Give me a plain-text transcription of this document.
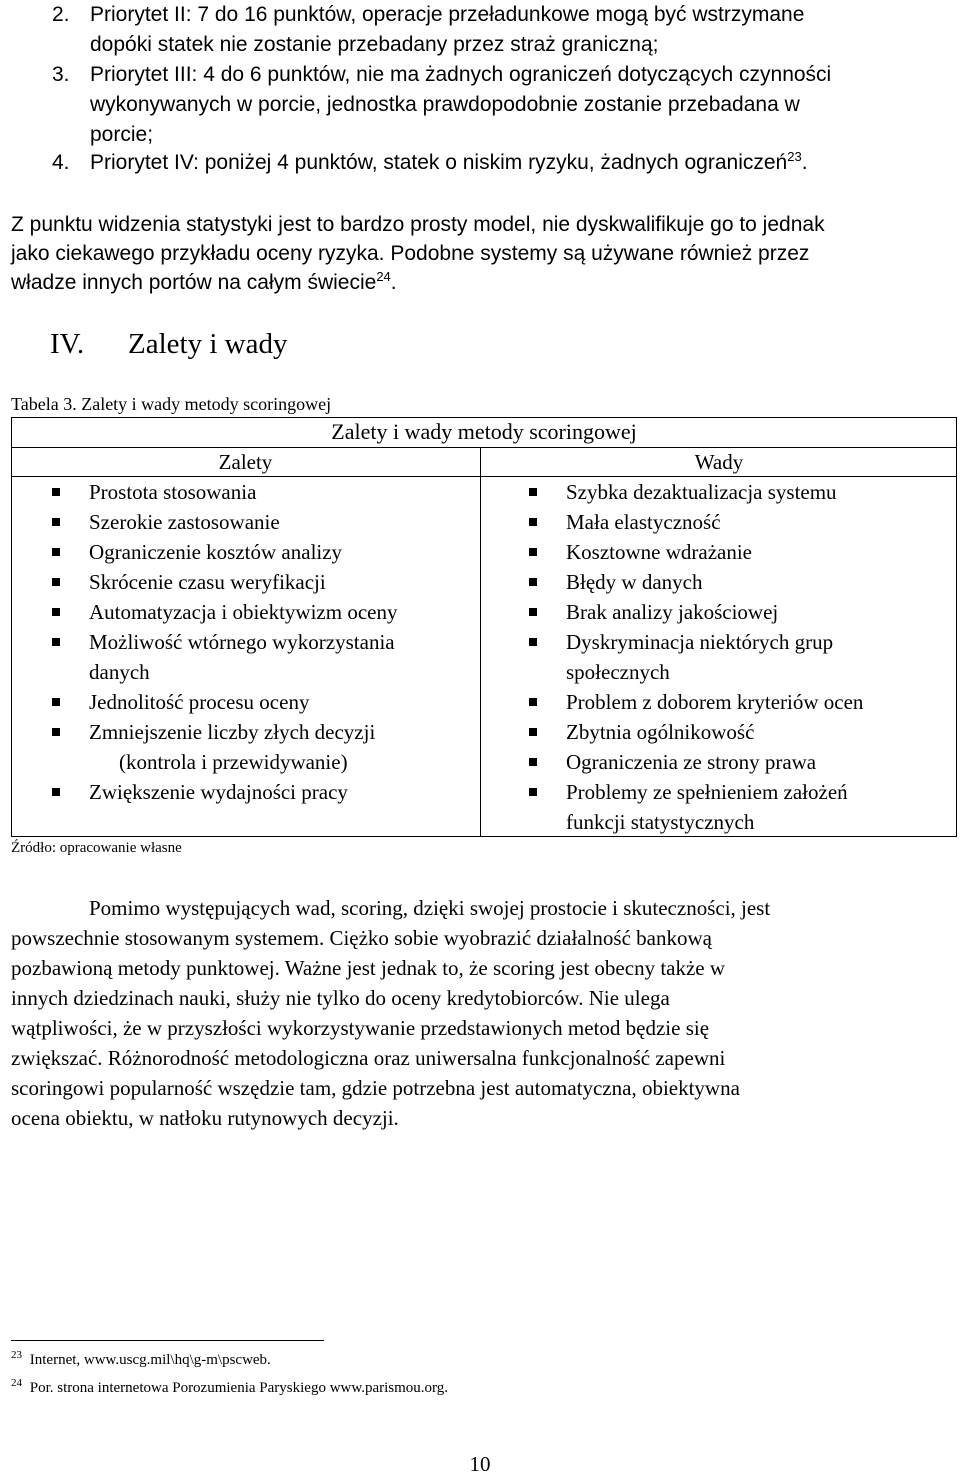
2. Priorytet II: 7 do 16 punktów, operacje przeładunkowe mogą być wstrzymane
dopóki statek nie zostanie przebadany przez straż graniczną;
3. Priorytet III: 4 do 6 punktów, nie ma żadnych ograniczeń dotyczących czynności
wykonywanych w porcie, jednostka prawdopodobnie zostanie przebadana w
porcie;
4. Priorytet IV: poniżej 4 punktów, statek o niskim ryzyku, żadnych ograniczeń$^{23}$.
Z punktu widzenia statystyki jest to bardzo prosty model, nie dyskwalifikuje go to jednak
jako ciekawego przykładu oceny ryzyka. Podobne systemy są używane również przez
władze innych portów na całym świecie$^{24}$.
IV. Zalety i wady
Tabela 3. Zalety i wady metody scoringowej
Zalety i wady metody scoringowej
Zalety	Wady
Prostota stosowania
Szerokie zastosowanie
Ograniczenie kosztów analizy
Skrócenie czasu weryfikacji
Automatyzacja i obiektywizm oceny
Możliwość wtórnego wykorzystania
danych
Jednolitość procesu oceny
Zmniejszenie liczby złych decyzji
(kontrola i przewidywanie)
Zwiększenie wydajności pracy
Szybka dezaktualizacja systemu
Mała elastyczność
Kosztowne wdrażanie
Błędy w danych
Brak analizy jakościowej
Dyskryminacja niektórych grup
społecznych
Problem z doborem kryteriów ocen
Zbytnia ogólnikowość
Ograniczenia ze strony prawa
Problemy ze spełnieniem założeń
funkcji statystycznych
Źródło: opracowanie własne
Pomimo występujących wad, scoring, dzięki swojej prostocie i skuteczności, jest
powszechnie stosowanym systemem. Ciężko sobie wyobrazić działalność bankową
pozbawioną metody punktowej. Ważne jest jednak to, że scoring jest obecny także w
innych dziedzinach nauki, służy nie tylko do oceny kredytobiorców. Nie ulega
wątpliwości, że w przyszłości wykorzystywanie przedstawionych metod będzie się
zwiększać. Różnorodność metodologiczna oraz uniwersalna funkcjonalność zapewni
scoringowi popularność wszędzie tam, gdzie potrzebna jest automatyczna, obiektywna
ocena obiektu, w natłoku rutynowych decyzji.
$^{23}$ Internet, www.uscg.mil\hq\g-m\pscweb.
$^{24}$ Por. strona internetowa Porozumienia Paryskiego www.parismou.org.
10
